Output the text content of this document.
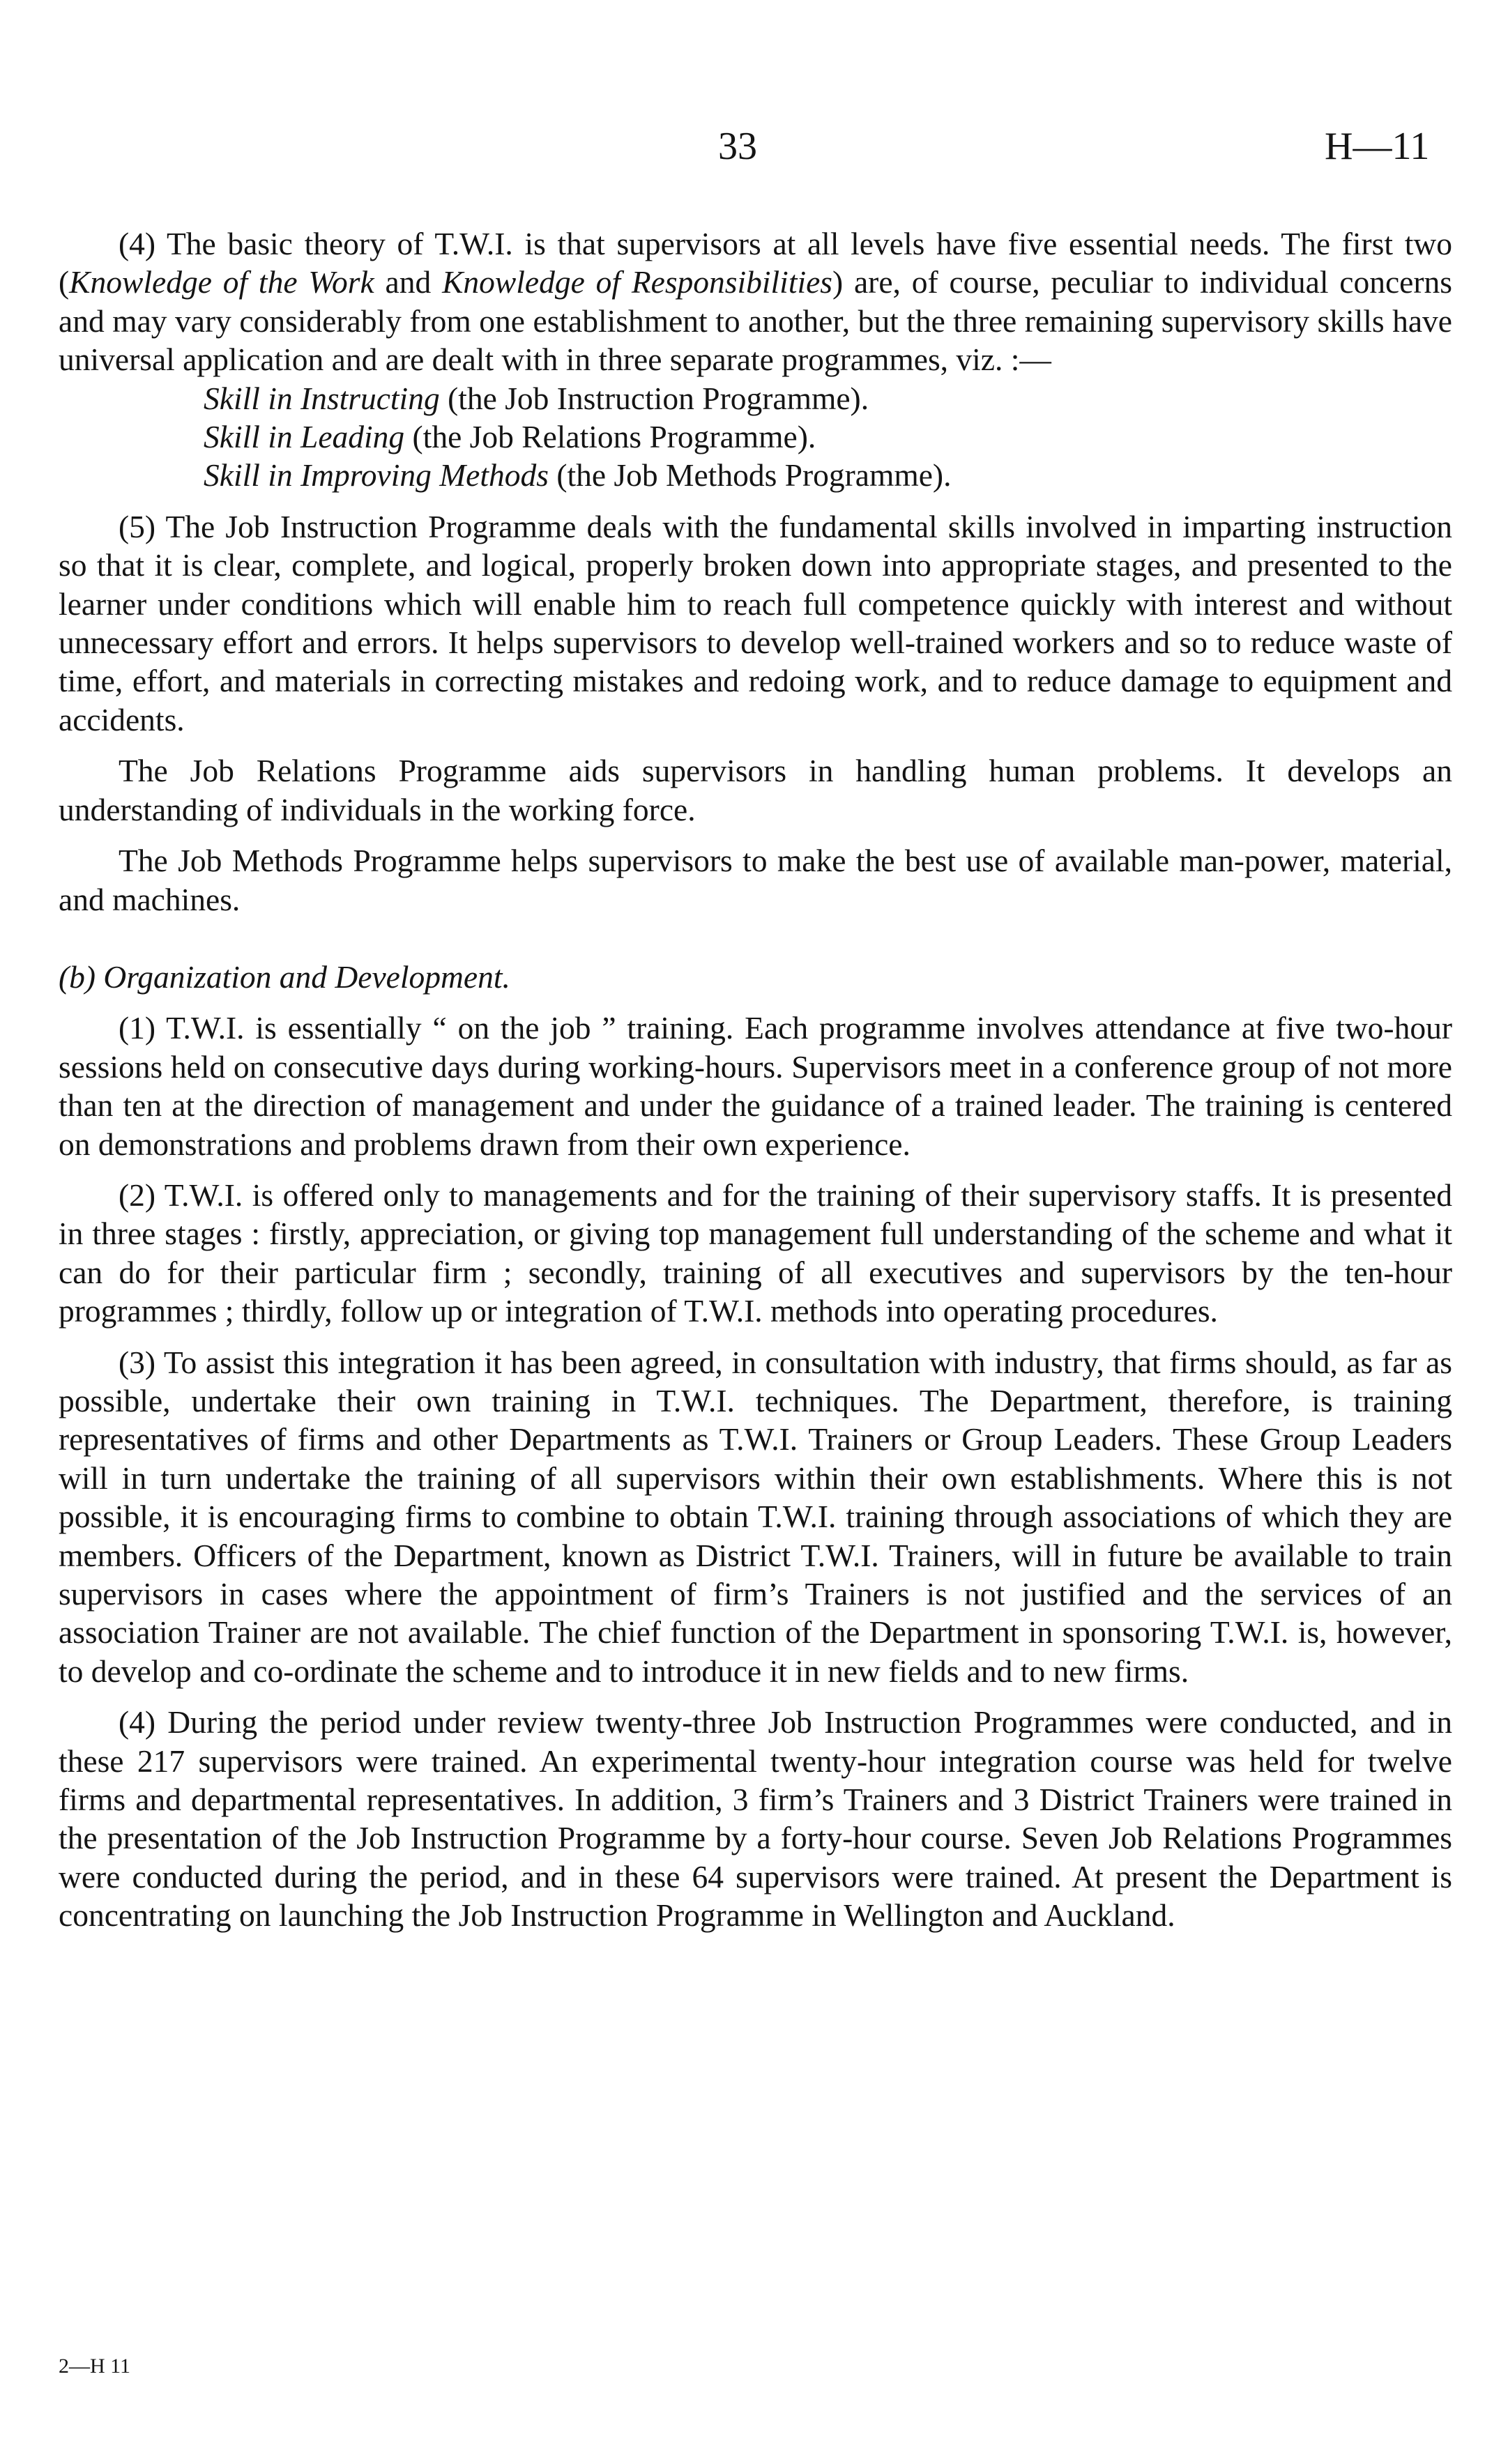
33	H—11

(4) The basic theory of T.W.I. is that supervisors at all levels have five essential needs. The first two (Knowledge of the Work and Knowledge of Responsibilities) are, of course, peculiar to individual concerns and may vary considerably from one establishment to another, but the three remaining supervisory skills have universal application and are dealt with in three separate programmes, viz. :—

Skill in Instructing (the Job Instruction Programme).

Skill in Leading (the Job Relations Programme).

Skill in Improving Methods (the Job Methods Programme).

(5) The Job Instruction Programme deals with the fundamental skills involved in imparting instruction so that it is clear, complete, and logical, properly broken down into appropriate stages, and presented to the learner under conditions which will enable him to reach full competence quickly with interest and without unnecessary effort and errors. It helps supervisors to develop well-trained workers and so to reduce waste of time, effort, and materials in correcting mistakes and redoing work, and to reduce damage to equipment and accidents.

The Job Relations Programme aids supervisors in handling human problems. It develops an understanding of individuals in the working force.

The Job Methods Programme helps supervisors to make the best use of available man-power, material, and machines.

(b) Organization and Development.

(1) T.W.I. is essentially “ on the job ” training. Each programme involves attendance at five two-hour sessions held on consecutive days during working-hours. Supervisors meet in a conference group of not more than ten at the direction of management and under the guidance of a trained leader. The training is centered on demonstrations and problems drawn from their own experience.

(2) T.W.I. is offered only to managements and for the training of their supervisory staffs. It is presented in three stages : firstly, appreciation, or giving top management full understanding of the scheme and what it can do for their particular firm ; secondly, training of all executives and supervisors by the ten-hour programmes ; thirdly, follow up or integration of T.W.I. methods into operating procedures.

(3) To assist this integration it has been agreed, in consultation with industry, that firms should, as far as possible, undertake their own training in T.W.I. techniques. The Department, therefore, is training representatives of firms and other Departments as T.W.I. Trainers or Group Leaders. These Group Leaders will in turn undertake the training of all supervisors within their own establishments. Where this is not possible, it is encouraging firms to combine to obtain T.W.I. training through associations of which they are members. Officers of the Department, known as District T.W.I. Trainers, will in future be available to train supervisors in cases where the appointment of firm’s Trainers is not justified and the services of an association Trainer are not available. The chief function of the Department in sponsoring T.W.I. is, however, to develop and co-ordinate the scheme and to introduce it in new fields and to new firms.

(4) During the period under review twenty-three Job Instruction Programmes were conducted, and in these 217 supervisors were trained. An experimental twenty-hour integration course was held for twelve firms and departmental representatives. In addition, 3 firm’s Trainers and 3 District Trainers were trained in the presentation of the Job Instruction Programme by a forty-hour course. Seven Job Relations Programmes were conducted during the period, and in these 64 supervisors were trained. At present the Department is concentrating on launching the Job Instruction Programme in Wellington and Auckland.

2—H 11
